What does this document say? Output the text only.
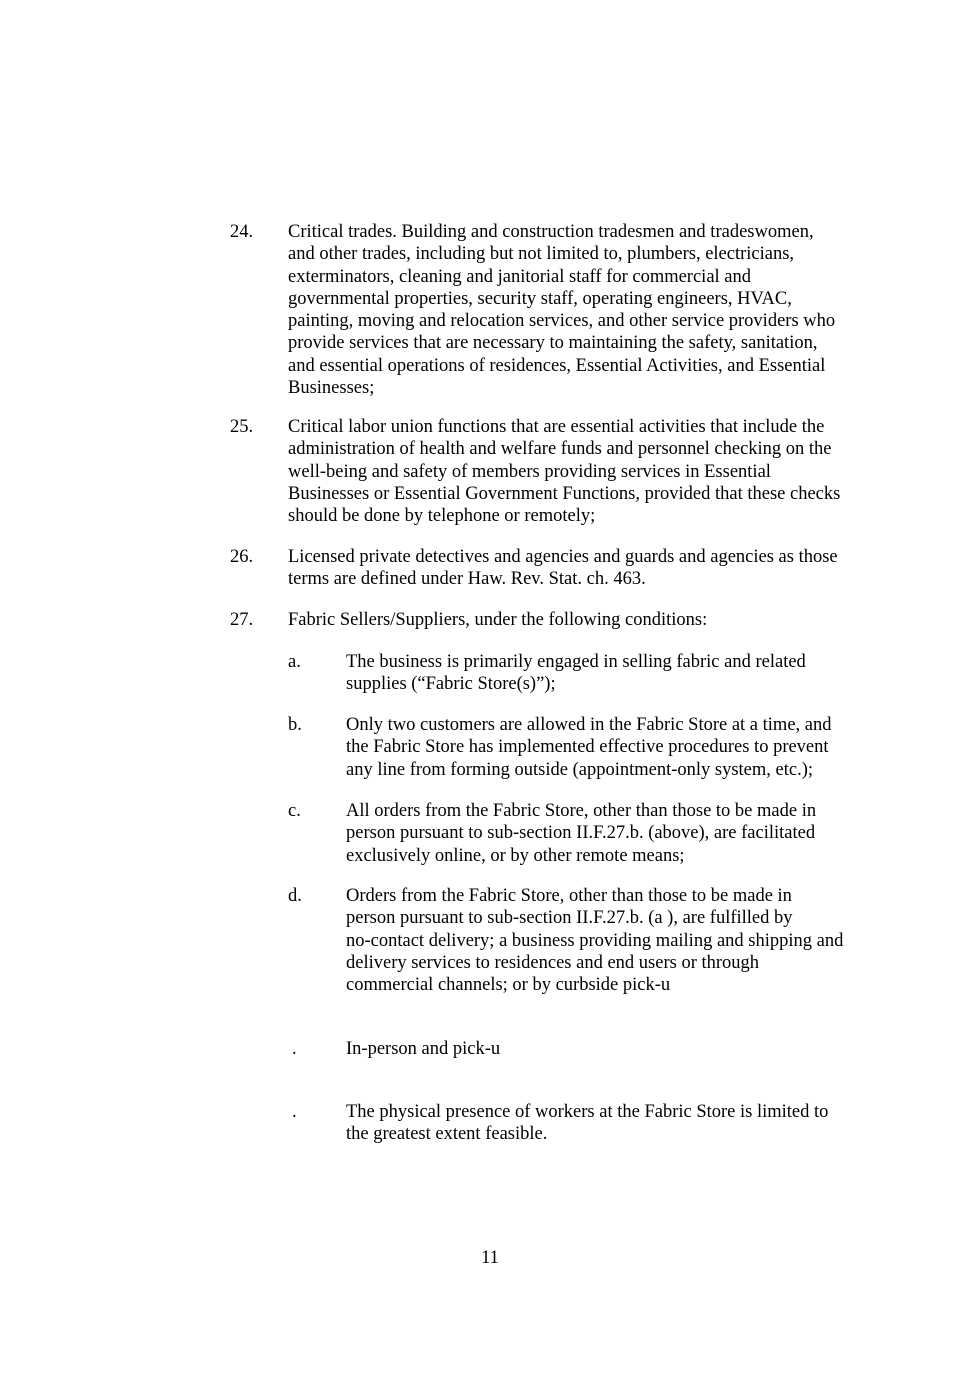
24. Critical trades. Building and construction tradesmen and tradeswomen,
and other trades, including but not limited to, plumbers, electricians,
exterminators, cleaning and janitorial staff for commercial and
governmental properties, security staff, operating engineers, HVAC,
painting, moving and relocation services, and other service providers who
provide services that are necessary to maintaining the safety, sanitation,
and essential operations of residences, Essential Activities, and Essential
Businesses;
25. Critical labor union functions that are essential activities that include the
administration of health and welfare funds and personnel checking on the
well-being and safety of members providing services in Essential
Businesses or Essential Government Functions, provided that these checks
should be done by telephone or remotely;
26. Licensed private detectives and agencies and guards and agencies as those
terms are defined under Haw. Rev. Stat. ch. 463.
27. Fabric Sellers/Suppliers, under the following conditions:
a. The business is primarily engaged in selling fabric and related
supplies (“Fabric Store(s)”);
b. Only two customers are allowed in the Fabric Store at a time, and
the Fabric Store has implemented effective procedures to prevent
any line from forming outside (appointment-only system, etc.);
c. All orders from the Fabric Store, other than those to be made in
person pursuant to sub-section II.F.27.b. (above), are facilitated
exclusively online, or by other remote means;
d. Orders from the Fabric Store, other than those to be made in
person pursuant to sub-section II.F.27.b. (a ), are fulfilled by
no-contact delivery; a business providing mailing and shipping and
delivery services to residences and end users or through
commercial channels; or by curbside pick-u
.	In-person and pick-u
.	The physical presence of workers at the Fabric Store is limited to
the greatest extent feasible.
11
